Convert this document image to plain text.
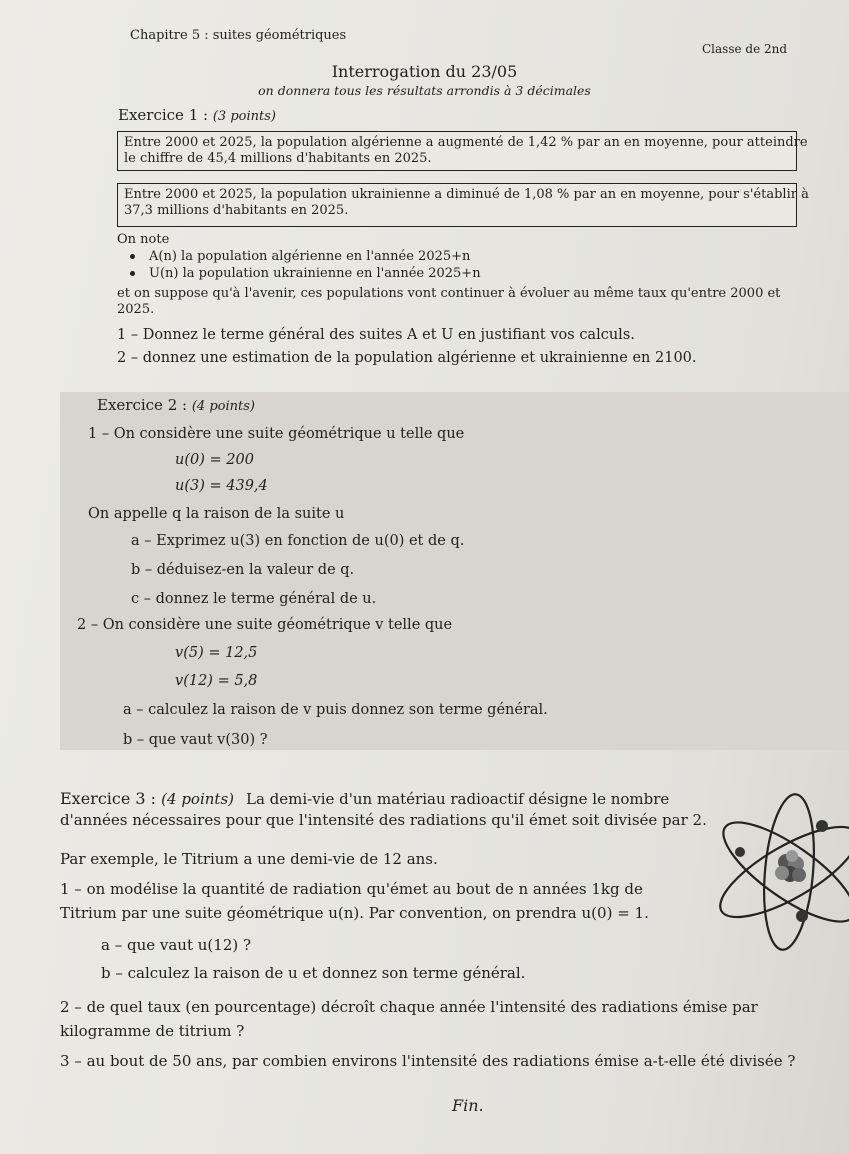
Chapitre 5 : suites géométriques
Classe de 2nd
Interrogation du 23/05
on donnera tous les résultats arrondis à 3 décimales
Exercice 1 : (3 points)
Entre 2000 et 2025, la population algérienne a augmenté de 1,42 % par an en moyenne, pour atteindre
le chiffre de 45,4 millions d'habitants en 2025.
Entre 2000 et 2025, la population ukrainienne a diminué de 1,08 % par an en moyenne, pour s'établir à
37,3 millions d'habitants en 2025.
On note
A(n) la population algérienne en l'année 2025+n
U(n) la population ukrainienne en l'année 2025+n
et on suppose qu'à l'avenir, ces populations vont continuer à évoluer au même taux qu'entre 2000 et
2025.
1 – Donnez le terme général des suites A et U en justifiant vos calculs.
2 – donnez une estimation de la population algérienne et ukrainienne en 2100.
Exercice 2 : (4 points)
1 – On considère une suite géométrique u telle que
u(0) = 200
u(3) = 439,4
On appelle q la raison de la suite u
a – Exprimez u(3) en fonction de u(0) et de q.
b – déduisez-en la valeur de q.
c – donnez le terme général de u.
2 – On considère une suite géométrique v telle que
v(5) = 12,5
v(12) = 5,8
a – calculez la raison de v puis donnez son terme général.
b – que vaut v(30) ?
Exercice 3 : (4 points) La demi-vie d'un matériau radioactif désigne le nombre
d'années nécessaires pour que l'intensité des radiations qu'il émet soit divisée par 2.
Par exemple, le Titrium a une demi-vie de 12 ans.
1 – on modélise la quantité de radiation qu'émet au bout de n années 1kg de
Titrium par une suite géométrique u(n). Par convention, on prendra u(0) = 1.
a – que vaut u(12) ?
b – calculez la raison de u et donnez son terme général.
2 – de quel taux (en pourcentage) décroît chaque année l'intensité des radiations émise par
kilogramme de titrium ?
3 – au bout de 50 ans, par combien environs l'intensité des radiations émise a-t-elle été divisée ?
Fin.
